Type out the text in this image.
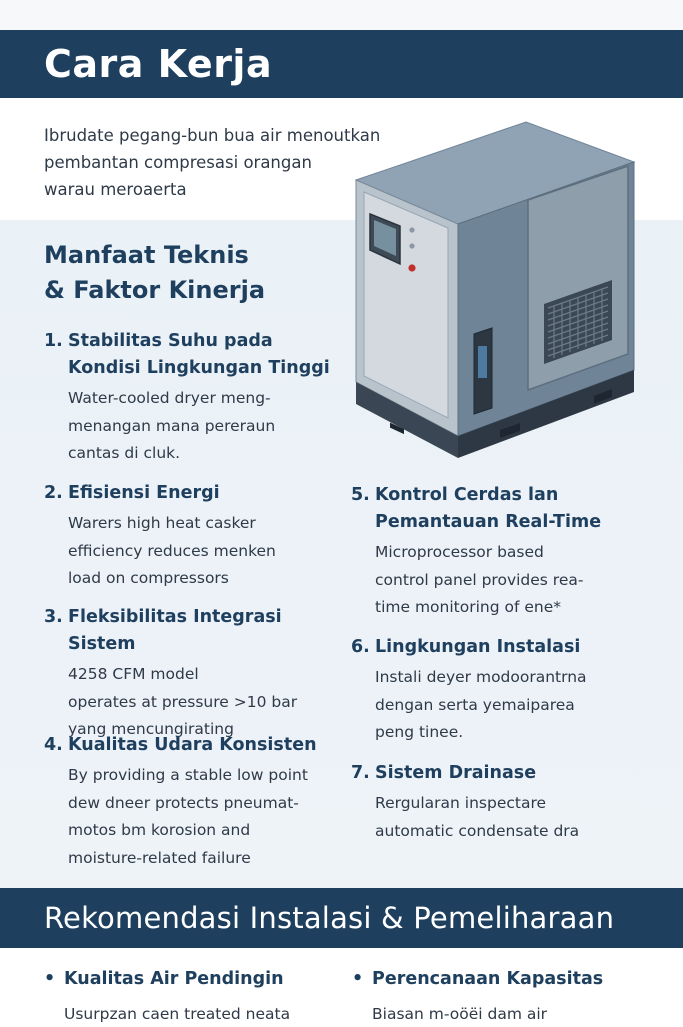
Cara Kerja
Ibrudate pegang-bun bua air menoutkan
pembantan compresasi orangan
warau meroaerta
Manfaat Teknis
& Faktor Kinerja
1. Stabilitas Suhu pada
Kondisi Lingkungan Tinggi
Water-cooled dryer meng-
menangan mana pereraun
cantas di cluk.
2. Efisiensi Energi
Warers high heat casker
efficiency reduces menken
load on compressors
3. Fleksibilitas Integrasi Sistem
4258 CFM model
operates at pressure >10 bar
yang mencungirating
4. Kualitas Udara Konsisten
By providing a stable low point
dew dneer protects pneumat-
motos bm korosion and
moisture-related failure
5. Kontrol Cerdas lan
Pemantauan Real-Time
Microprocessor based
control panel provides rea-
time monitoring of ene*
6. Lingkungan Instalasi
Instali deyer modoorantrna
dengan serta yemaiparea
peng tinee.
7. Sistem Drainase
Rergularan inspectare
automatic condensate dra
Rekomendasi Instalasi & Pemeliharaan
• Kualitas Air Pendingin
Usurpzan caen treated neata
• Perencanaan Kapasitas
Biasan m-oöëi dam air
